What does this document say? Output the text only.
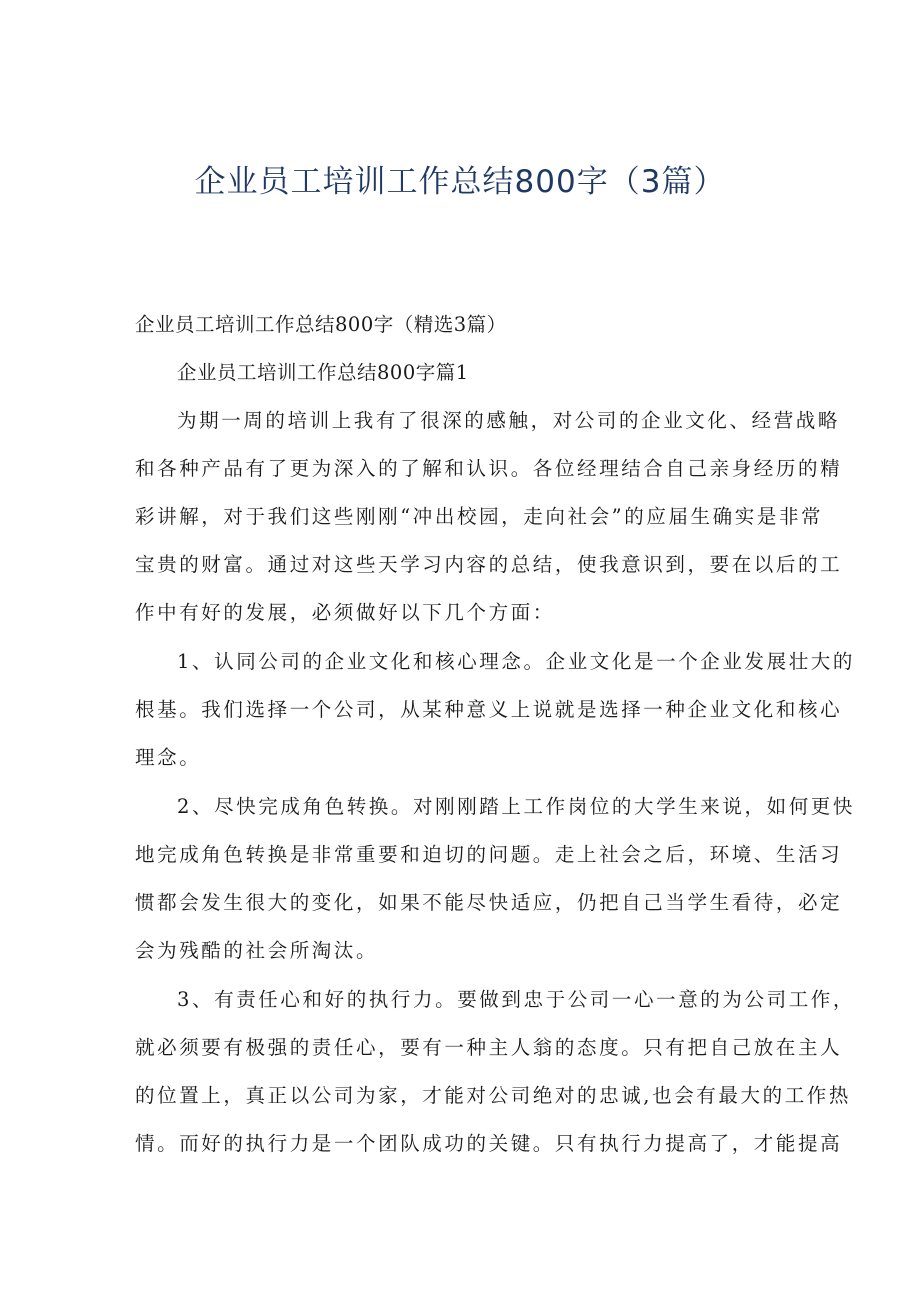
企业员工培训工作总结800字（3篇）

企业员工培训工作总结800字（精选3篇）

企业员工培训工作总结800字篇1

为期一周的培训上我有了很深的感触，对公司的企业文化、经营战略

和各种产品有了更为深入的了解和认识。各位经理结合自己亲身经历的精

彩讲解，对于我们这些刚刚“冲出校园，走向社会”的应届生确实是非常

宝贵的财富。通过对这些天学习内容的总结，使我意识到，要在以后的工

作中有好的发展，必须做好以下几个方面：

1、认同公司的企业文化和核心理念。企业文化是一个企业发展壮大的

根基。我们选择一个公司，从某种意义上说就是选择一种企业文化和核心

理念。

2、尽快完成角色转换。对刚刚踏上工作岗位的大学生来说，如何更快

地完成角色转换是非常重要和迫切的问题。走上社会之后，环境、生活习

惯都会发生很大的变化，如果不能尽快适应，仍把自己当学生看待，必定

会为残酷的社会所淘汰。

3、有责任心和好的执行力。要做到忠于公司一心一意的为公司工作，

就必须要有极强的责任心，要有一种主人翁的态度。只有把自己放在主人

的位置上，真正以公司为家，才能对公司绝对的忠诚,也会有最大的工作热

情。而好的执行力是一个团队成功的关键。只有执行力提高了，才能提高
